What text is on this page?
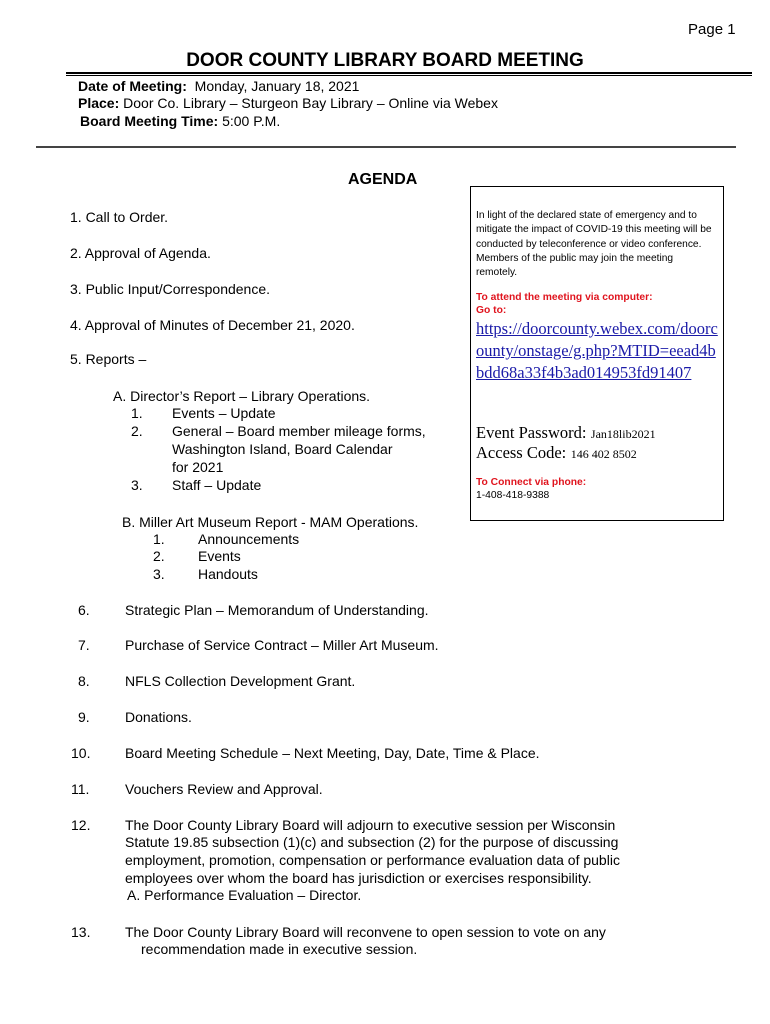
Page 1
DOOR COUNTY LIBRARY BOARD MEETING
Date of Meeting: Monday, January 18, 2021
Place: Door Co. Library – Sturgeon Bay Library – Online via Webex
Board Meeting Time: 5:00 P.M.
AGENDA
1. Call to Order.
2. Approval of Agenda.
3. Public Input/Correspondence.
4. Approval of Minutes of December 21, 2020.
5. Reports –
A. Director’s Report – Library Operations.
1. Events – Update
2. General – Board member mileage forms,
Washington Island, Board Calendar
for 2021
3. Staff – Update
B. Miller Art Museum Report - MAM Operations.
1. Announcements
2. Events
3. Handouts
6.	Strategic Plan – Memorandum of Understanding.
7.	Purchase of Service Contract – Miller Art Museum.
8.	NFLS Collection Development Grant.
9.	Donations.
10. Board Meeting Schedule – Next Meeting, Day, Date, Time & Place.
11.	Vouchers Review and Approval.
12. The Door County Library Board will adjourn to executive session per Wisconsin
Statute 19.85 subsection (1)(c) and subsection (2) for the purpose of discussing
employment, promotion, compensation or performance evaluation data of public
employees over whom the board has jurisdiction or exercises responsibility.
A. Performance Evaluation – Director.
13. The Door County Library Board will reconvene to open session to vote on any
recommendation made in executive session.
In light of the declared state of emergency and to mitigate the impact of COVID-19 this meeting will be conducted by teleconference or video conference. Members of the public may join the meeting remotely.
To attend the meeting via computer:
Go to:
https://doorcounty.webex.com/doorcounty/onstage/g.php?MTID=eead4bbdd68a33f4b3ad014953fd91407
Event Password: Jan18lib2021
Access Code: 146 402 8502
To Connect via phone:
1-408-418-9388
